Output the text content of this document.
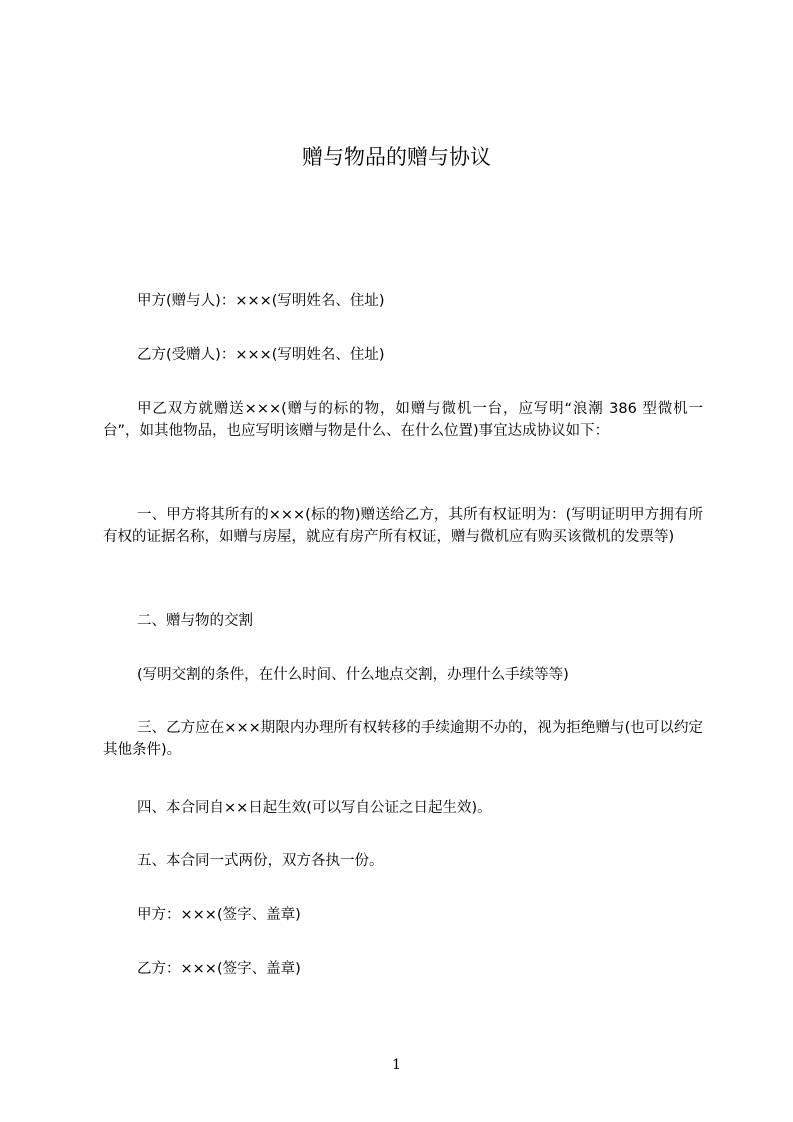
赠与物品的赠与协议

甲方(赠与人)：×××(写明姓名、住址)

乙方(受赠人)：×××(写明姓名、住址)

甲乙双方就赠送×××(赠与的标的物，如赠与微机一台，应写明“浪潮 386 型微机一台”，如其他物品，也应写明该赠与物是什么、在什么位置)事宜达成协议如下：

一、甲方将其所有的×××(标的物)赠送给乙方，其所有权证明为：(写明证明甲方拥有所有权的证据名称，如赠与房屋，就应有房产所有权证，赠与微机应有购买该微机的发票等)

二、赠与物的交割

(写明交割的条件，在什么时间、什么地点交割，办理什么手续等等)

三、乙方应在×××期限内办理所有权转移的手续逾期不办的，视为拒绝赠与(也可以约定其他条件)。

四、本合同自××日起生效(可以写自公证之日起生效)。

五、本合同一式两份，双方各执一份。

甲方：×××(签字、盖章)

乙方：×××(签字、盖章)

1
